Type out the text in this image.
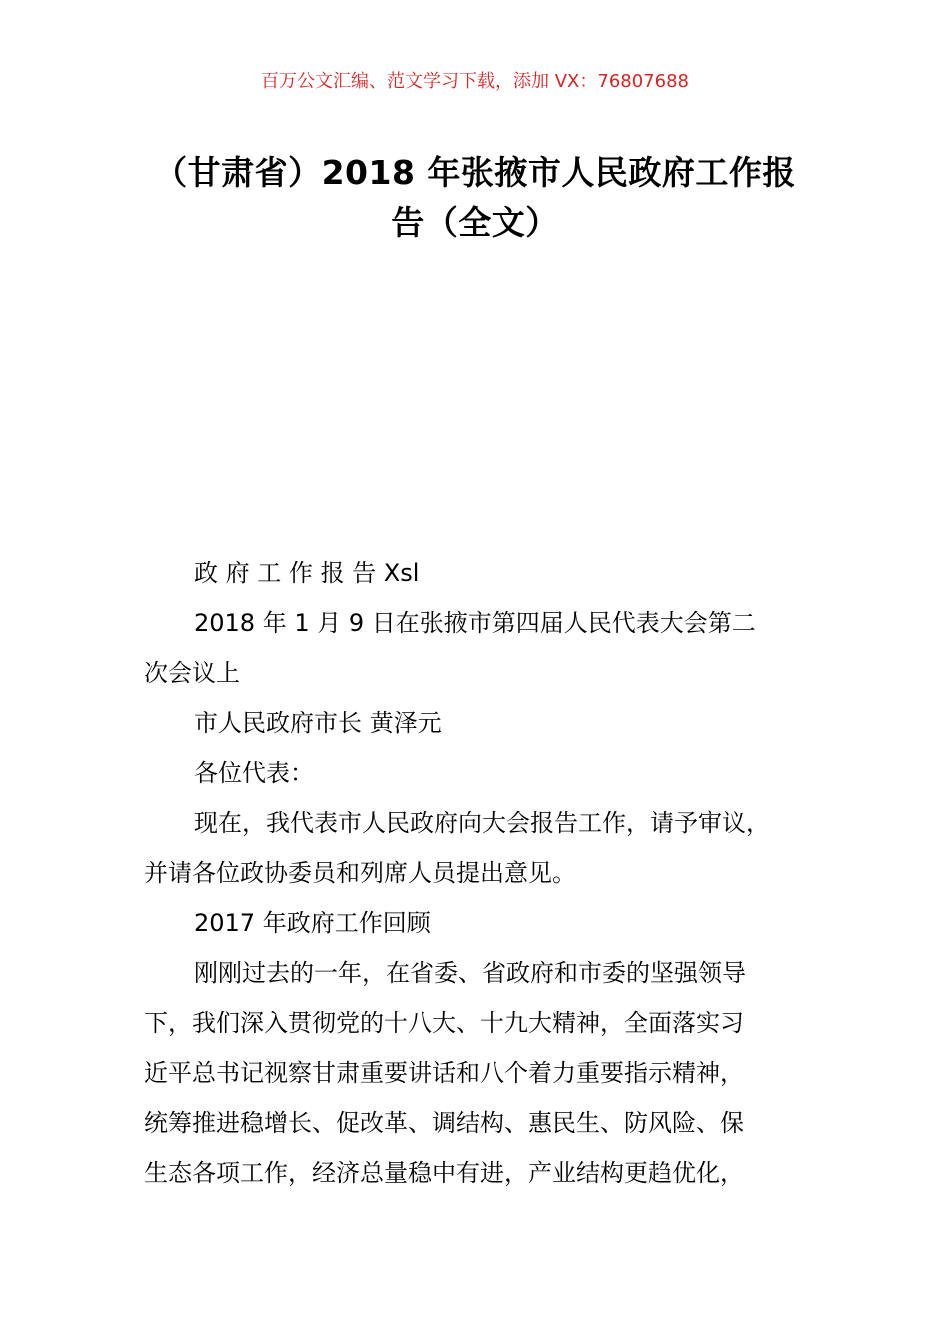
百万公文汇编、范文学习下载，添加 VX：76807688
（甘肃省）2018 年张掖市人民政府工作报
告（全文）
政 府 工 作 报 告 Xsl
2018 年 1 月 9 日在张掖市第四届人民代表大会第二
次会议上
市人民政府市长 黄泽元
各位代表：
现在，我代表市人民政府向大会报告工作，请予审议，
并请各位政协委员和列席人员提出意见。
2017 年政府工作回顾
刚刚过去的一年，在省委、省政府和市委的坚强领导
下，我们深入贯彻党的十八大、十九大精神，全面落实习
近平总书记视察甘肃重要讲话和八个着力重要指示精神，
统筹推进稳增长、促改革、调结构、惠民生、防风险、保
生态各项工作，经济总量稳中有进，产业结构更趋优化，
